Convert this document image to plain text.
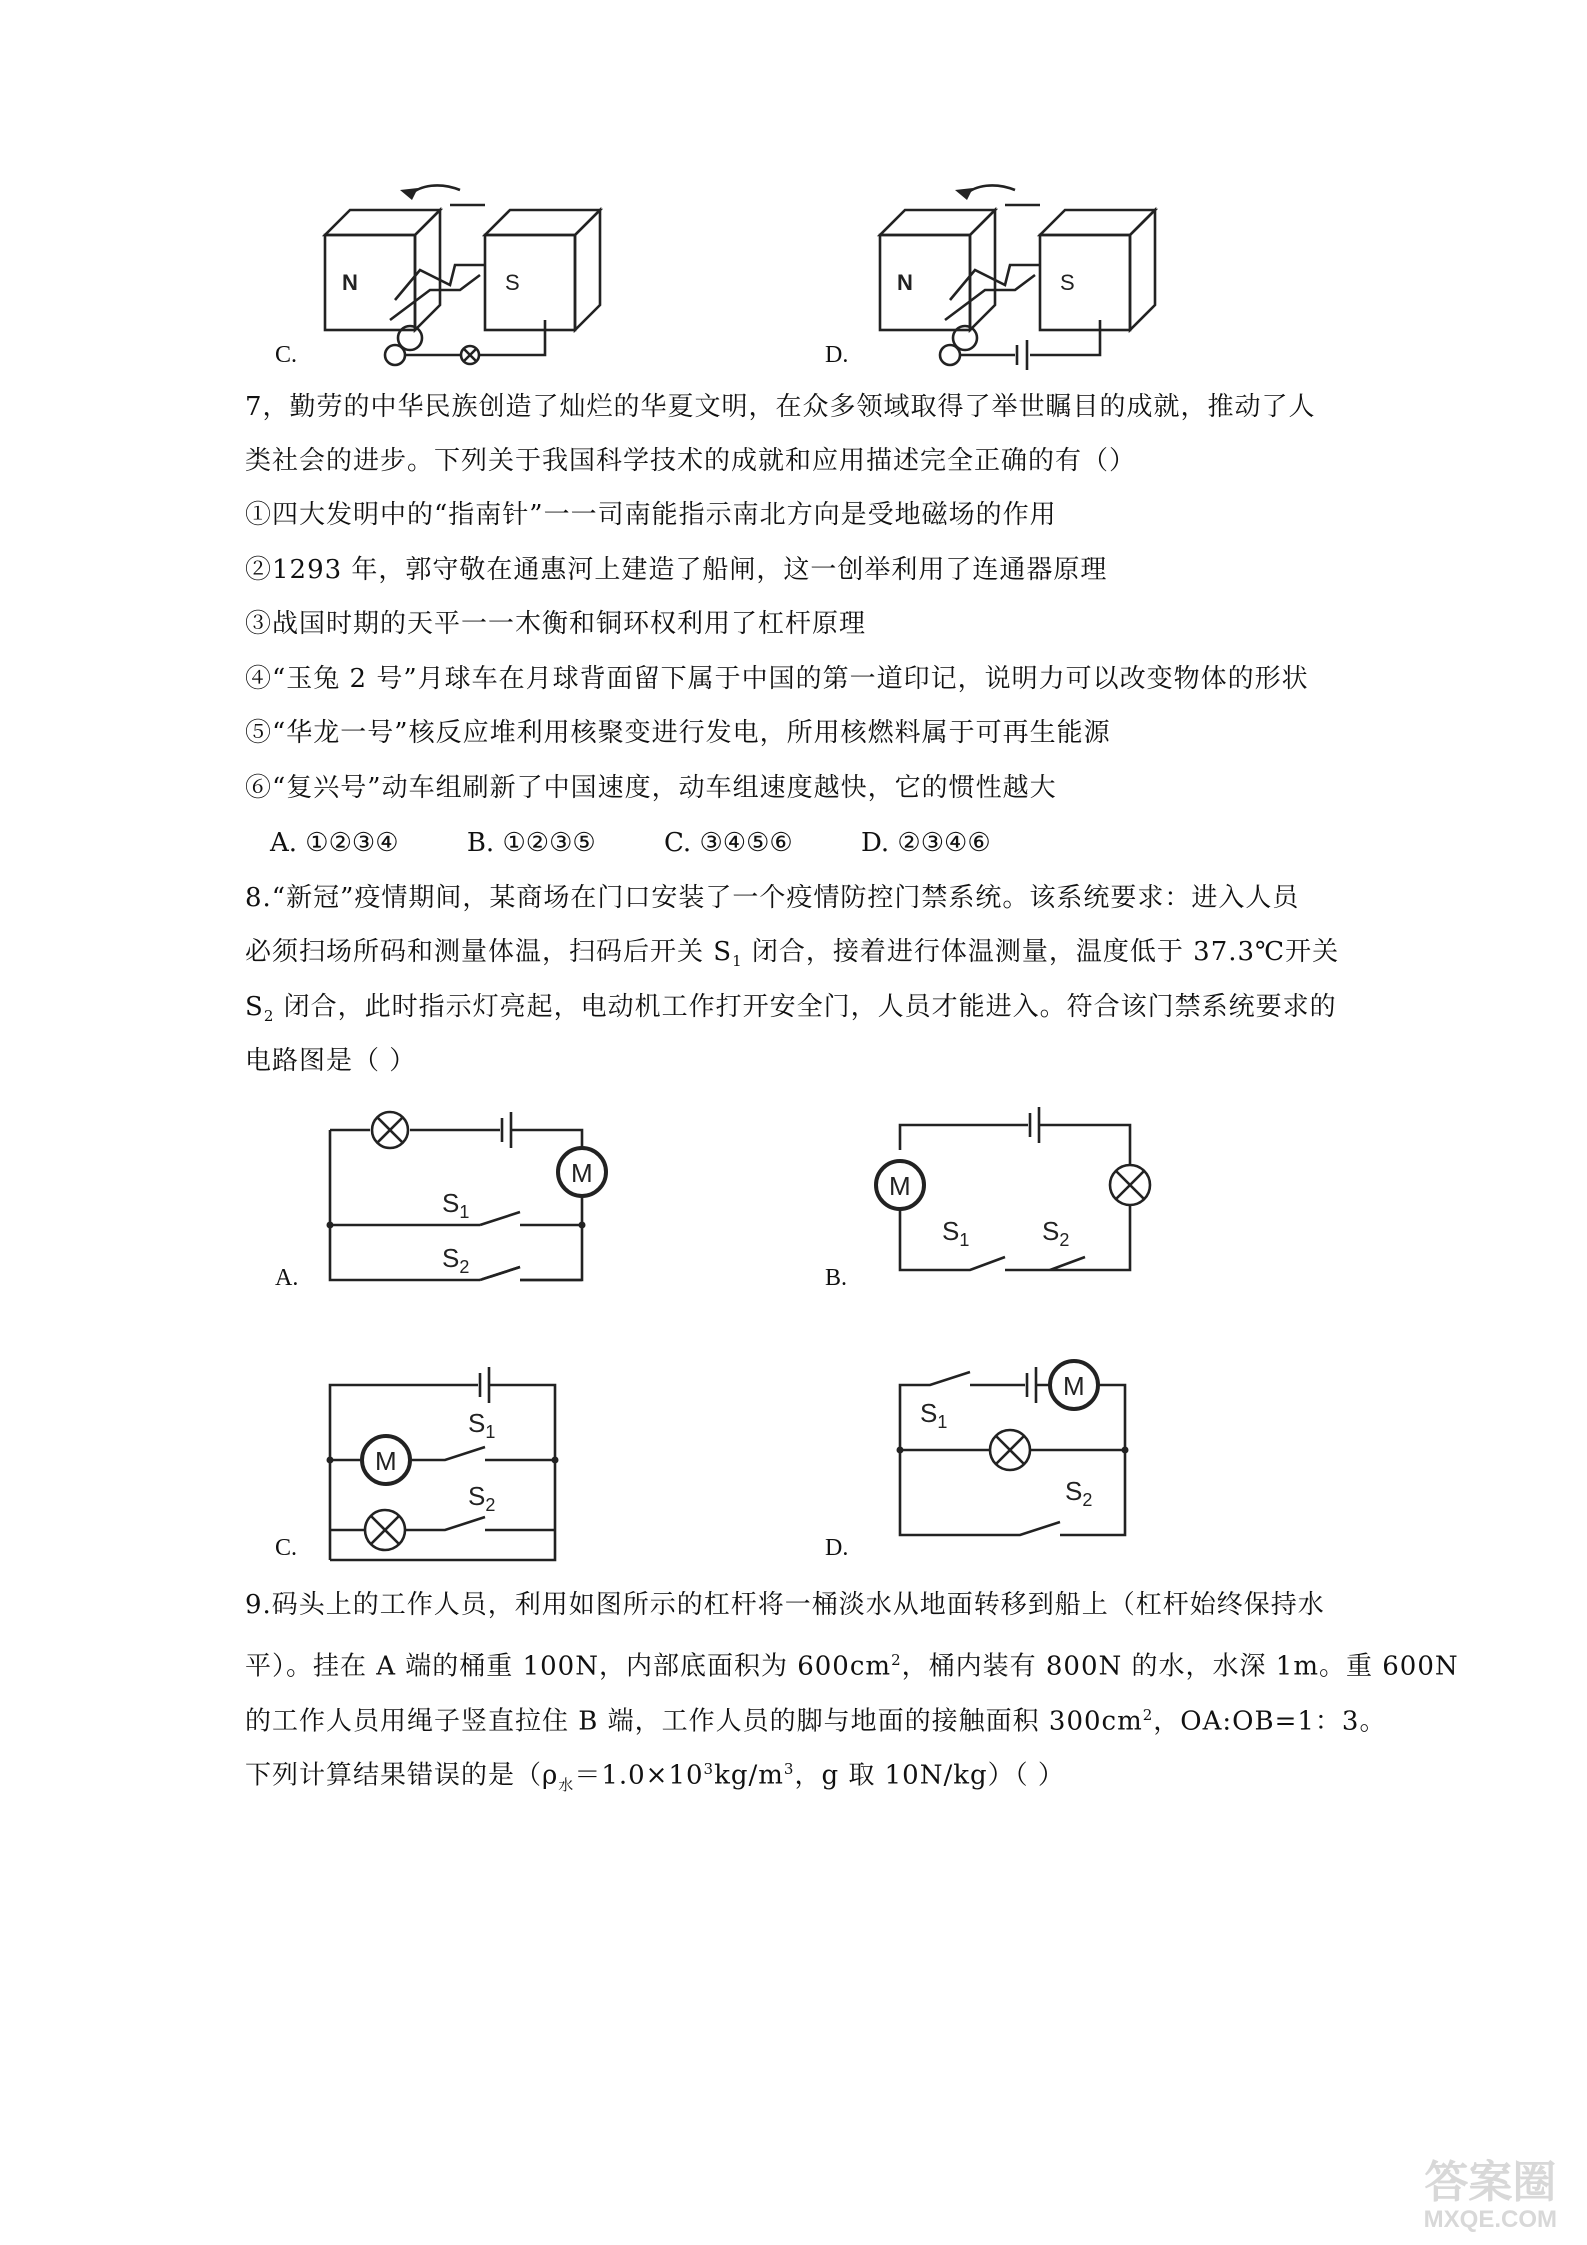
N	S
C.
N	S
D.
7，勤劳的中华民族创造了灿烂的华夏文明，在众多领域取得了举世瞩目的成就，推动了人
类社会的进步。下列关于我国科学技术的成就和应用描述完全正确的有（）
①四大发明中的“指南针”一一司南能指示南北方向是受地磁场的作用
②1293 年，郭守敬在通惠河上建造了船闸，这一创举利用了连通器原理
③战国时期的天平一一木衡和铜环权利用了杠杆原理
④“玉兔 2 号”月球车在月球背面留下属于中国的第一道印记，说明力可以改变物体的形状
⑤“华龙一号”核反应堆利用核聚变进行发电，所用核燃料属于可再生能源
⑥“复兴号”动车组刷新了中国速度，动车组速度越快，它的惯性越大
A. ①②③④	B. ①②③⑤	C. ③④⑤⑥	D. ②③④⑥
8.“新冠”疫情期间，某商场在门口安装了一个疫情防控门禁系统。该系统要求：进入人员
必须扫场所码和测量体温，扫码后开关 $S_1$ 闭合，接着进行体温测量，温度低于 37.3℃开关
$S_2$ 闭合，此时指示灯亮起，电动机工作打开安全门，人员才能进入。符合该门禁系统要求的
电路图是（ ）
M
$S_1$
$S_2$
A.
M
$S_1$	$S_2$
B.
M
$S_1$
$S_2$
C.
M
$S_1$
$S_2$
D.
9.码头上的工作人员，利用如图所示的杠杆将一桶淡水从地面转移到船上（杠杆始终保持水
平）。挂在 A 端的桶重 100N，内部底面积为 $600cm^2$，桶内装有 800N 的水，水深 1m。重 600N
的工作人员用绳子竖直拉住 B 端，工作人员的脚与地面的接触面积 $300cm^2$，OA:OB=1：3。
下列计算结果错误的是（$\rho_水=1.0\times 10^3kg/m^3$，g 取 10N/kg）（ ）
答案圈
MXQE.COM
